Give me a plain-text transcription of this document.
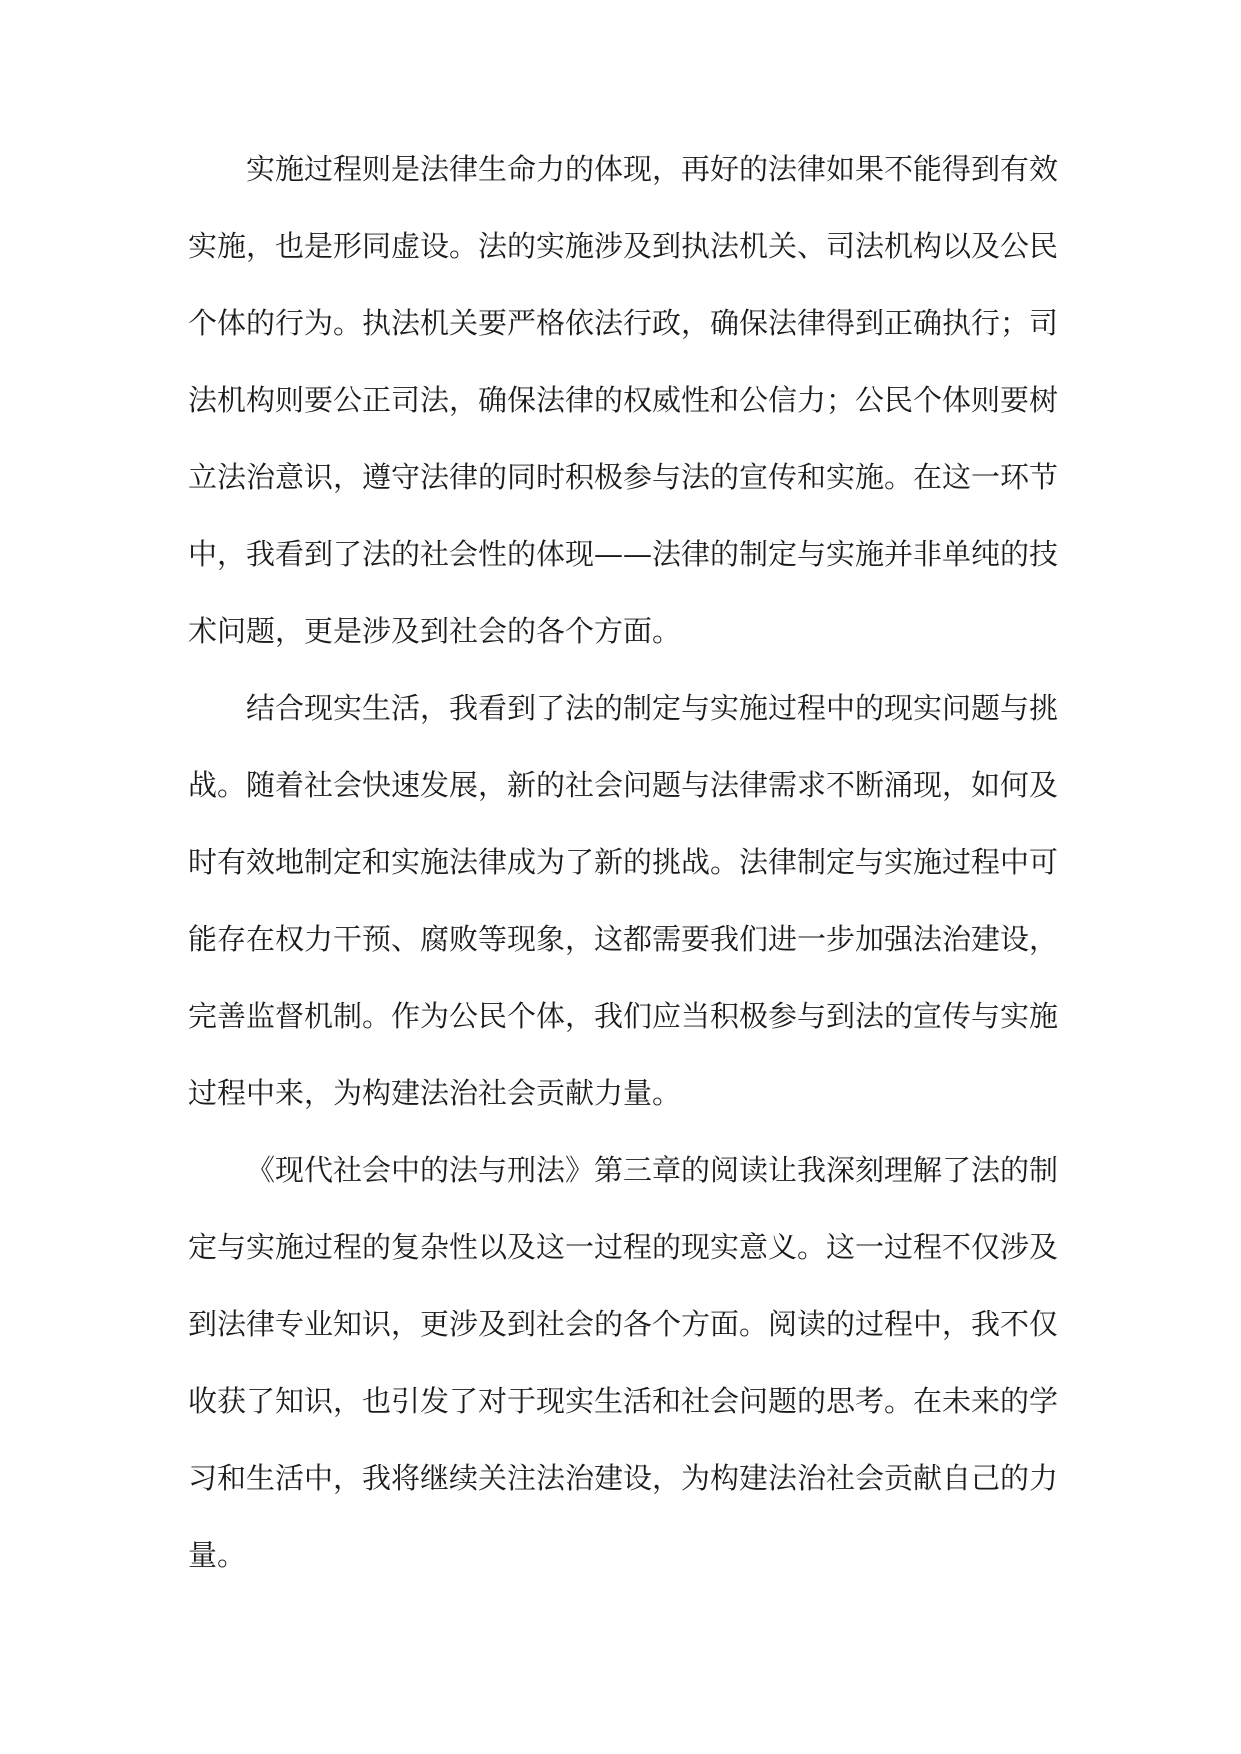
实施过程则是法律生命力的体现，再好的法律如果不能得到有效
实施，也是形同虚设。法的实施涉及到执法机关、司法机构以及公民
个体的行为。执法机关要严格依法行政，确保法律得到正确执行；司
法机构则要公正司法，确保法律的权威性和公信力；公民个体则要树
立法治意识，遵守法律的同时积极参与法的宣传和实施。在这一环节
中，我看到了法的社会性的体现——法律的制定与实施并非单纯的技
术问题，更是涉及到社会的各个方面。
结合现实生活，我看到了法的制定与实施过程中的现实问题与挑
战。随着社会快速发展，新的社会问题与法律需求不断涌现，如何及
时有效地制定和实施法律成为了新的挑战。法律制定与实施过程中可
能存在权力干预、腐败等现象，这都需要我们进一步加强法治建设，
完善监督机制。作为公民个体，我们应当积极参与到法的宣传与实施
过程中来，为构建法治社会贡献力量。
《现代社会中的法与刑法》第三章的阅读让我深刻理解了法的制
定与实施过程的复杂性以及这一过程的现实意义。这一过程不仅涉及
到法律专业知识，更涉及到社会的各个方面。阅读的过程中，我不仅
收获了知识，也引发了对于现实生活和社会问题的思考。在未来的学
习和生活中，我将继续关注法治建设，为构建法治社会贡献自己的力
量。
